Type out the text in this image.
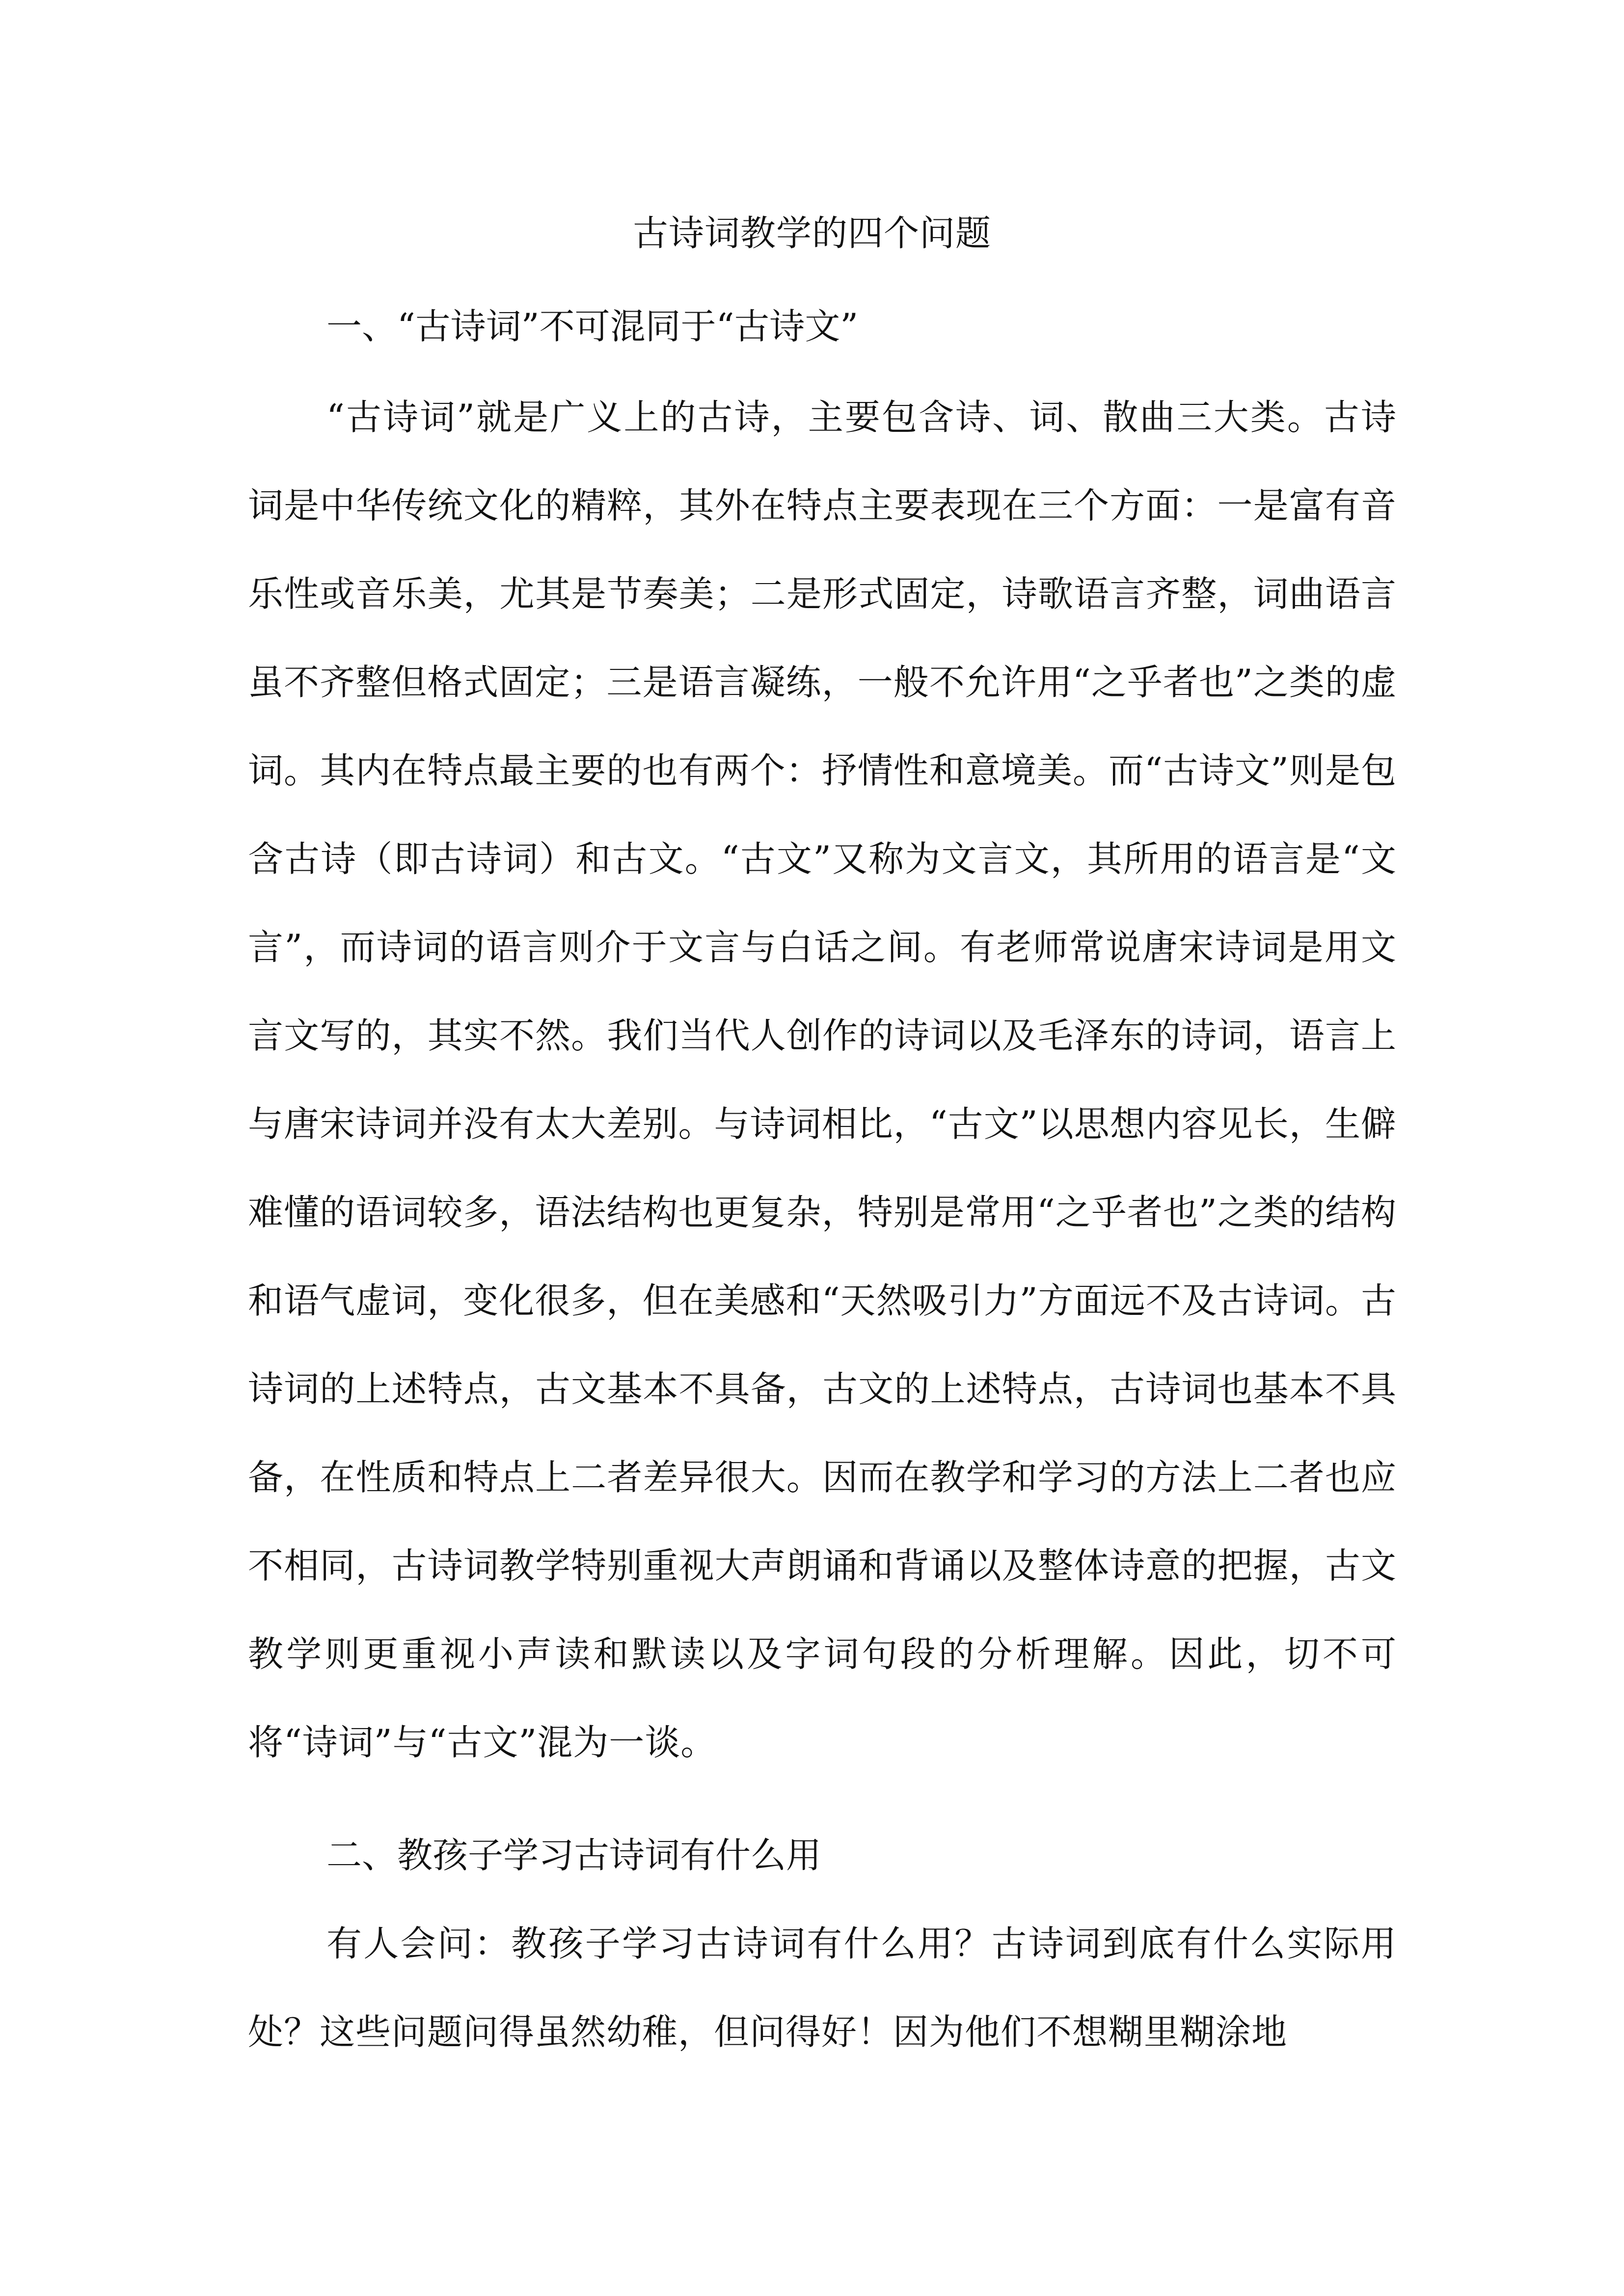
古诗词教学的四个问题
一、“古诗词”不可混同于“古诗文”

“古诗词”就是广义上的古诗，主要包含诗、词、散曲三大类。古诗词是中华传统文化的精粹，其外在特点主要表现在三个方面：一是富有音乐性或音乐美，尤其是节奏美；二是形式固定，诗歌语言齐整，词曲语言虽不齐整但格式固定；三是语言凝练，一般不允许用“之乎者也”之类的虚词。其内在特点最主要的也有两个：抒情性和意境美。而“古诗文”则是包含古诗（即古诗词）和古文。“古文”又称为文言文，其所用的语言是“文言”，而诗词的语言则介于文言与白话之间。有老师常说唐宋诗词是用文言文写的，其实不然。我们当代人创作的诗词以及毛泽东的诗词，语言上与唐宋诗词并没有太大差别。与诗词相比，“古文”以思想内容见长，生僻难懂的语词较多，语法结构也更复杂，特别是常用“之乎者也”之类的结构和语气虚词，变化很多，但在美感和“天然吸引力”方面远不及古诗词。古诗词的上述特点，古文基本不具备，古文的上述特点，古诗词也基本不具备，在性质和特点上二者差异很大。因而在教学和学习的方法上二者也应不相同，古诗词教学特别重视大声朗诵和背诵以及整体诗意的把握，古文教学则更重视小声读和默读以及字词句段的分析理解。因此，切不可将“诗词”与“古文”混为一谈。

二、教孩子学习古诗词有什么用

有人会问：教孩子学习古诗词有什么用？古诗词到底有什么实际用处？这些问题问得虽然幼稚，但问得好！因为他们不想糊里糊涂地
